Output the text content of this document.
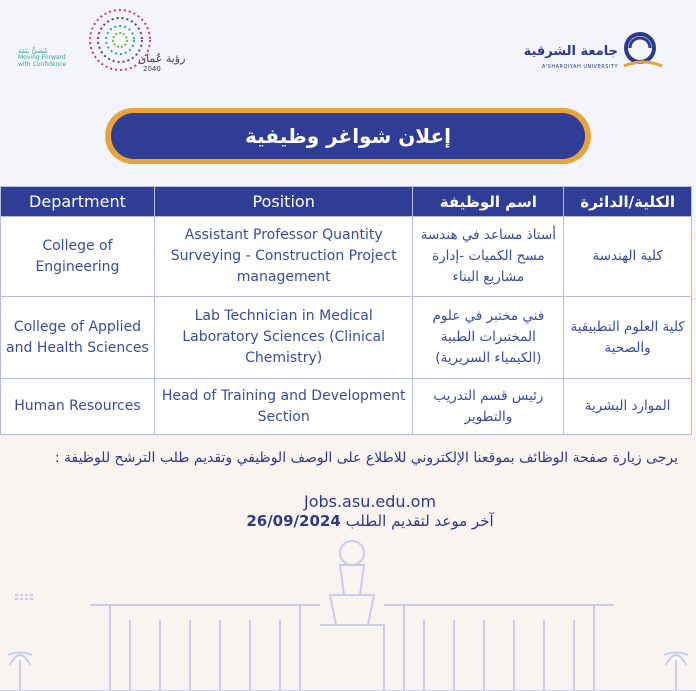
رؤية عُمان
2040
مُضيٌّ بثقة
Moving Forward
with Confidence
جامعة الشرقية
A'SHARQIYAH UNIVERSITY
إعلان شواغر وظيفية
Department	Position	اسم الوظيفة	الكلية/الدائرة
College of Engineering	Assistant Professor Quantity Surveying - Construction Project management	أستاذ مساعد في هندسة مسح الكميات -إدارة مشاريع البناء	كلية الهندسة
College of Applied and Health Sciences	Lab Technician in Medical Laboratory Sciences (Clinical Chemistry)	فني مختبر في علوم المختبرات الطبية (الكيمياء السريرية)	كلية العلوم التطبيقية والصحية
Human Resources	Head of Training and Development Section	رئيس قسم التدريب والتطوير	الموارد البشرية
يرجى زيارة صفحة الوظائف بموقعنا الإلكتروني للاطلاع على الوصف الوظيفي وتقديم طلب الترشح للوظيفة :
Jobs.asu.edu.om
آخر موعد لتقديم الطلب 26/09/2024
